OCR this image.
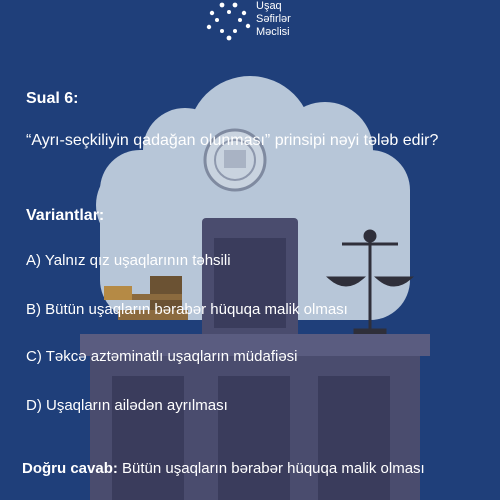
Uşaq
Səfirlər
Məclisi
Sual 6:
“Ayrı-seçkiliyin qadağan olunması” prinsipi nəyi tələb edir?
Variantlar:
A) Yalnız qız uşaqlarının təhsili
B) Bütün uşaqların bərabər hüquqa malik olması
C) Təkcə aztəminatlı uşaqların müdafiəsi
D) Uşaqların ailədən ayrılması
Doğru cavab: Bütün uşaqların bərabər hüquqa malik olması
